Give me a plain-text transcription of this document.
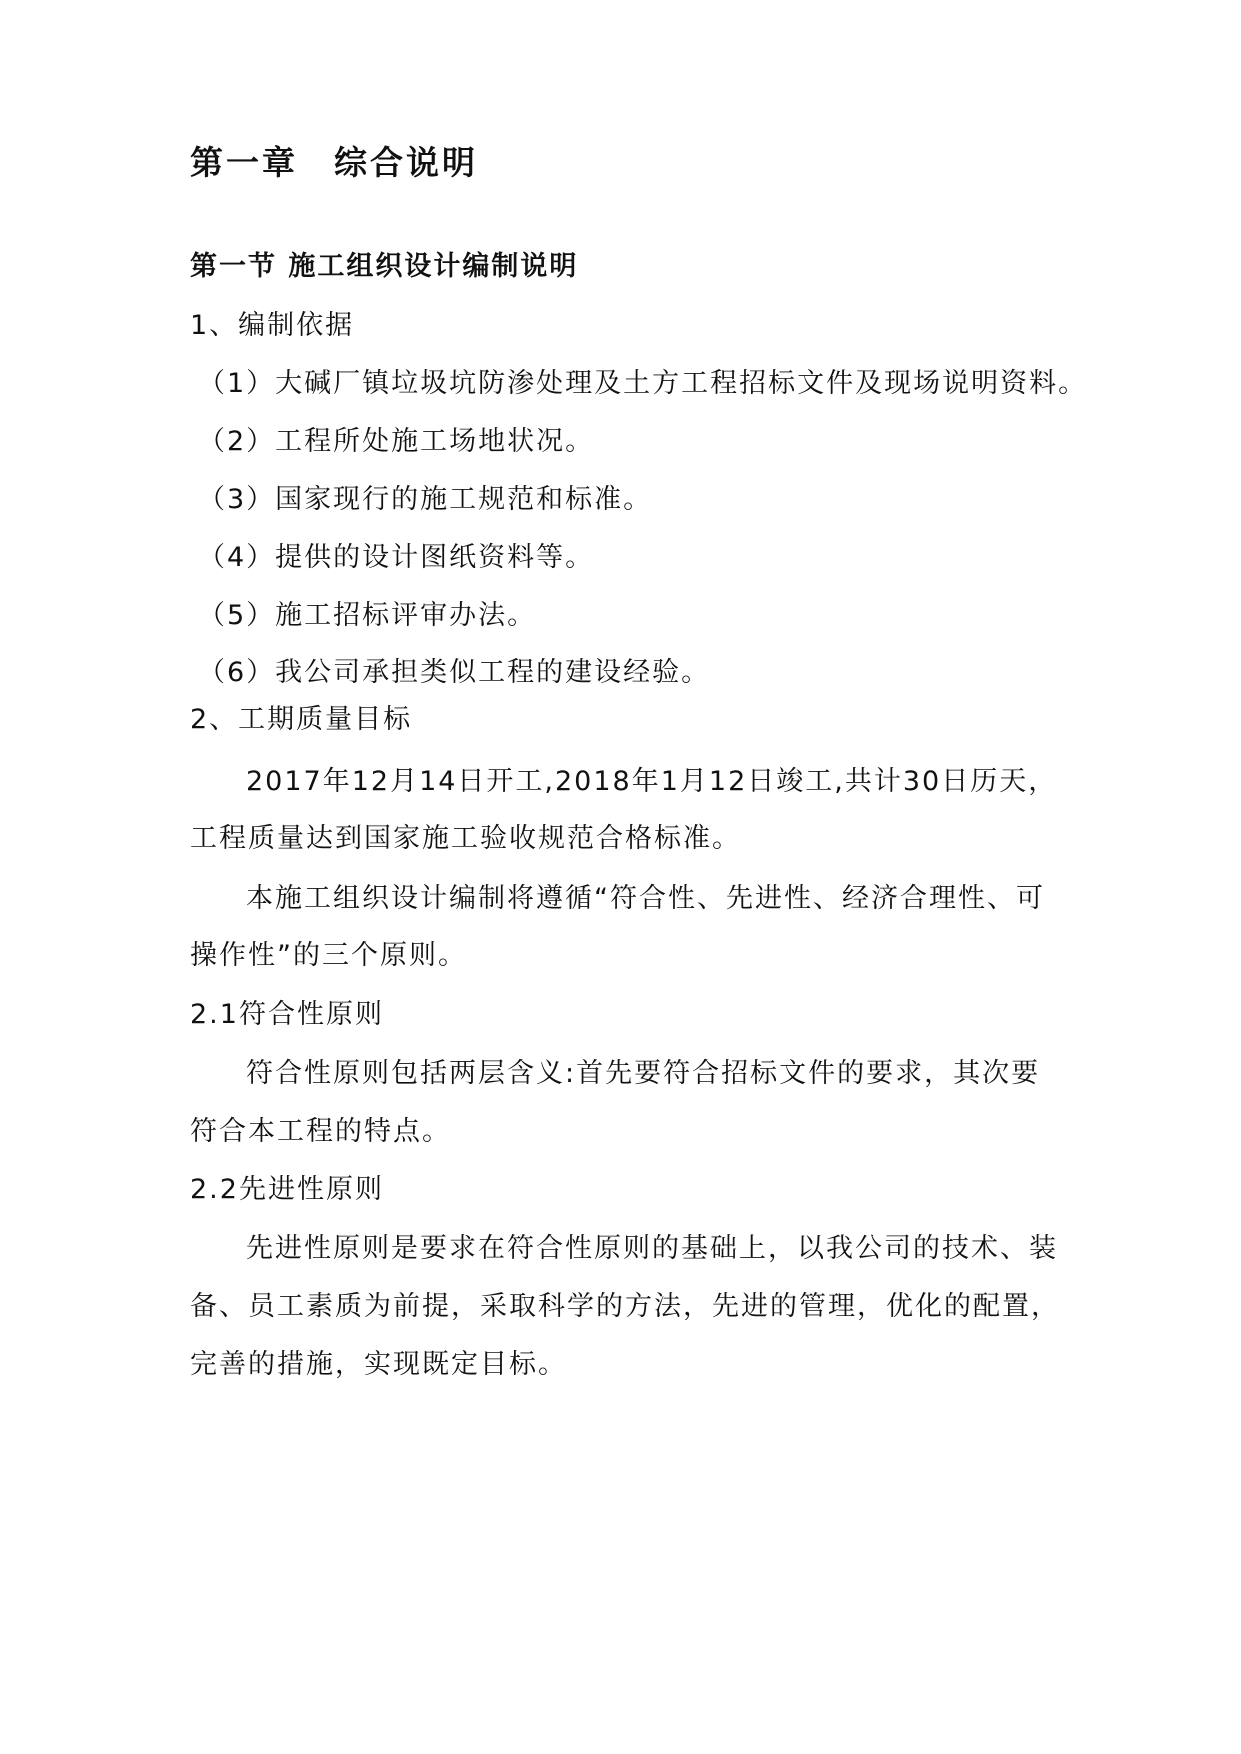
第一章　综合说明
第一节 施工组织设计编制说明
1、编制依据
（1）大碱厂镇垃圾坑防渗处理及土方工程招标文件及现场说明资料。
（2）工程所处施工场地状况。
（3）国家现行的施工规范和标准。
（4）提供的设计图纸资料等。
（5）施工招标评审办法。
（6）我公司承担类似工程的建设经验。
2、工期质量目标
2017年12月14日开工,2018年1月12日竣工,共计30日历天，
工程质量达到国家施工验收规范合格标准。
本施工组织设计编制将遵循“符合性、先进性、经济合理性、可
操作性”的三个原则。
2.1符合性原则
符合性原则包括两层含义:首先要符合招标文件的要求，其次要
符合本工程的特点。
2.2先进性原则
先进性原则是要求在符合性原则的基础上，以我公司的技术、装
备、员工素质为前提，采取科学的方法，先进的管理，优化的配置，
完善的措施，实现既定目标。
